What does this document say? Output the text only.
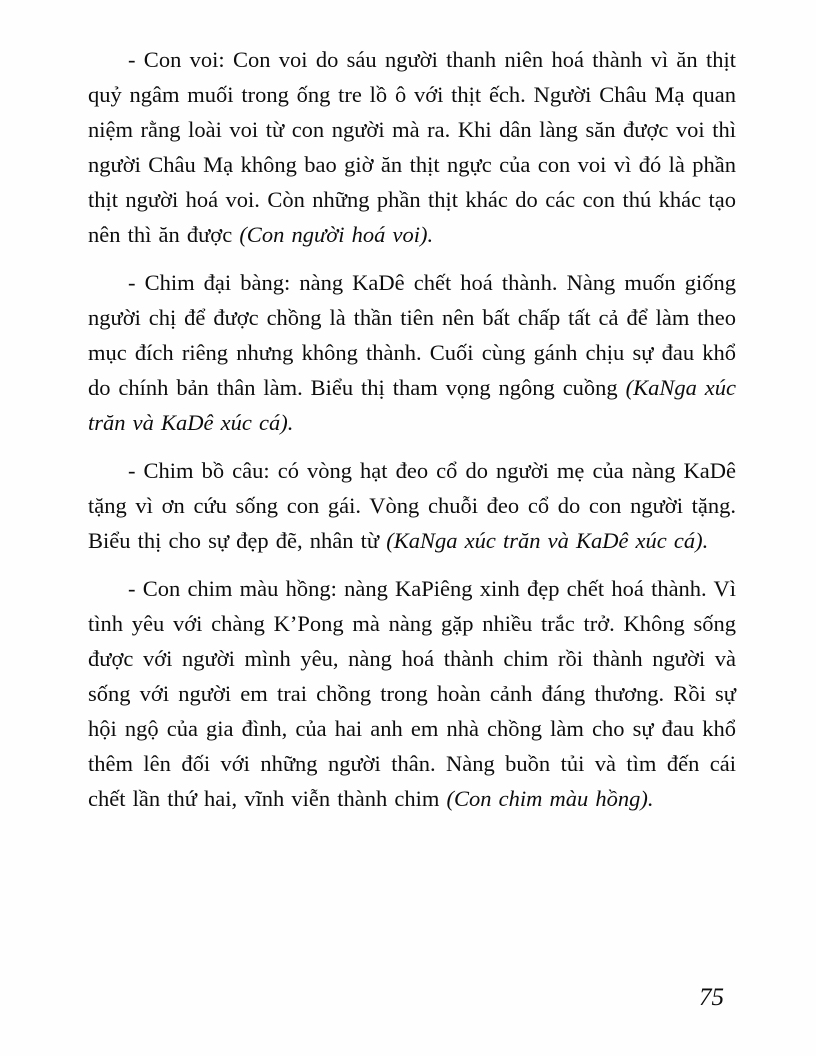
- Con voi: Con voi do sáu người thanh niên hoá thành vì ăn thịt quỷ ngâm muối trong ống tre lồ ô với thịt ếch. Người Châu Mạ quan niệm rằng loài voi từ con người mà ra. Khi dân làng săn được voi thì người Châu Mạ không bao giờ ăn thịt ngực của con voi vì đó là phần thịt người hoá voi. Còn những phần thịt khác do các con thú khác tạo nên thì ăn được (Con người hoá voi).

- Chim đại bàng: nàng KaDê chết hoá thành. Nàng muốn giống người chị để được chồng là thần tiên nên bất chấp tất cả để làm theo mục đích riêng nhưng không thành. Cuối cùng gánh chịu sự đau khổ do chính bản thân làm. Biểu thị tham vọng ngông cuồng (KaNga xúc trăn và KaDê xúc cá).

- Chim bồ câu: có vòng hạt đeo cổ do người mẹ của nàng KaDê tặng vì ơn cứu sống con gái. Vòng chuỗi đeo cổ do con người tặng. Biểu thị cho sự đẹp đẽ, nhân từ (KaNga xúc trăn và KaDê xúc cá).

- Con chim màu hồng: nàng KaPiêng xinh đẹp chết hoá thành. Vì tình yêu với chàng K’Pong mà nàng gặp nhiều trắc trở. Không sống được với người mình yêu, nàng hoá thành chim rồi thành người và sống với người em trai chồng trong hoàn cảnh đáng thương. Rồi sự hội ngộ của gia đình, của hai anh em nhà chồng làm cho sự đau khổ thêm lên đối với những người thân. Nàng buồn tủi và tìm đến cái chết lần thứ hai, vĩnh viễn thành chim (Con chim màu hồng).

75
